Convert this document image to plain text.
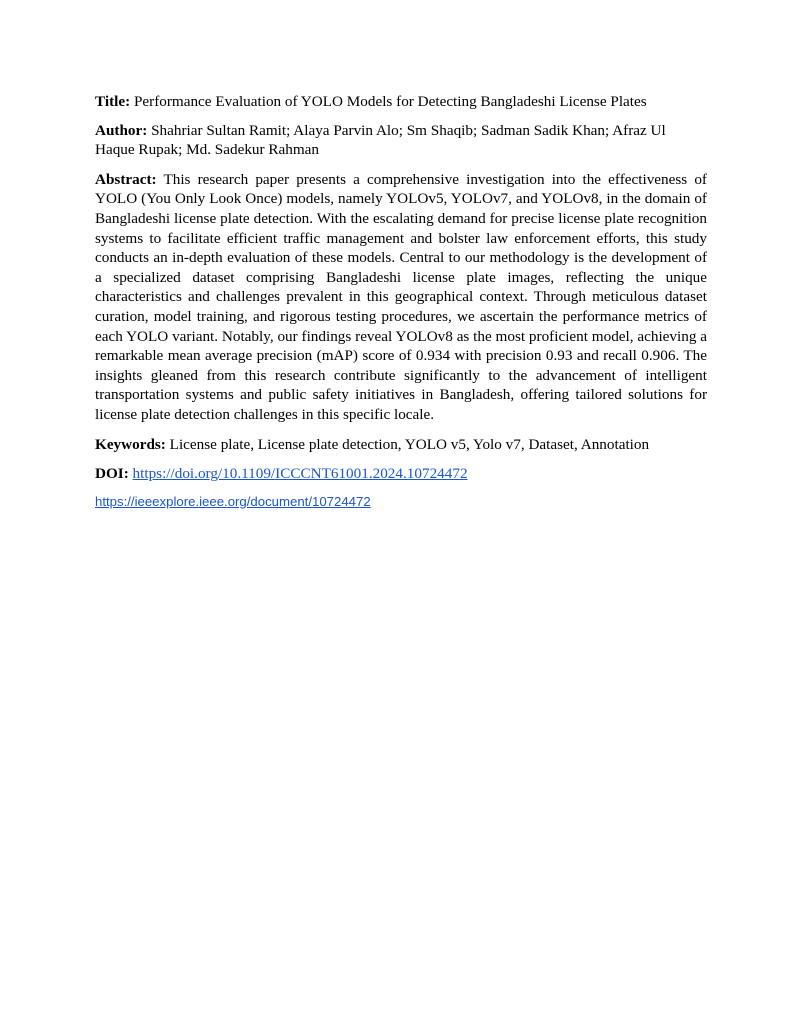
Title: Performance Evaluation of YOLO Models for Detecting Bangladeshi License Plates

Author: Shahriar Sultan Ramit; Alaya Parvin Alo; Sm Shaqib; Sadman Sadik Khan; Afraz Ul Haque Rupak; Md. Sadekur Rahman

Abstract: This research paper presents a comprehensive investigation into the effectiveness of YOLO (You Only Look Once) models, namely YOLOv5, YOLOv7, and YOLOv8, in the domain of Bangladeshi license plate detection. With the escalating demand for precise license plate recognition systems to facilitate efficient traffic management and bolster law enforcement efforts, this study conducts an in-depth evaluation of these models. Central to our methodology is the development of a specialized dataset comprising Bangladeshi license plate images, reflecting the unique characteristics and challenges prevalent in this geographical context. Through meticulous dataset curation, model training, and rigorous testing procedures, we ascertain the performance metrics of each YOLO variant. Notably, our findings reveal YOLOv8 as the most proficient model, achieving a remarkable mean average precision (mAP) score of 0.934 with precision 0.93 and recall 0.906. The insights gleaned from this research contribute significantly to the advancement of intelligent transportation systems and public safety initiatives in Bangladesh, offering tailored solutions for license plate detection challenges in this specific locale.

Keywords: License plate, License plate detection, YOLO v5, Yolo v7, Dataset, Annotation

DOI: https://doi.org/10.1109/ICCCNT61001.2024.10724472

https://ieeexplore.ieee.org/document/10724472
